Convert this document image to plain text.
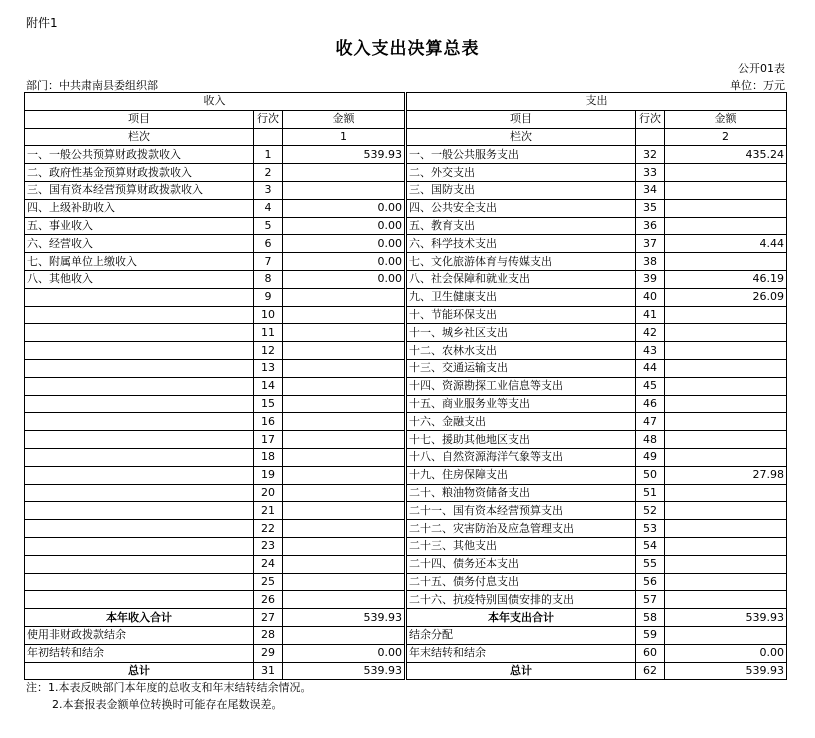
附件1
收入支出决算总表
公开01表
部门：中共肃南县委组织部	单位：万元
收入				支出		
项目	行次	金额		项目	行次	金额
栏次		1		栏次		2
一、一般公共预算财政拨款收入	1	539.93		一、一般公共服务支出	32	435.24
二、政府性基金预算财政拨款收入	2			二、外交支出	33	
三、国有资本经营预算财政拨款收入	3			三、国防支出	34	
四、上级补助收入	4	0.00		四、公共安全支出	35	
五、事业收入	5	0.00		五、教育支出	36	
六、经营收入	6	0.00		六、科学技术支出	37	4.44
七、附属单位上缴收入	7	0.00		七、文化旅游体育与传媒支出	38	
八、其他收入	8	0.00		八、社会保障和就业支出	39	46.19
	9			九、卫生健康支出	40	26.09
	10			十、节能环保支出	41	
	11			十一、城乡社区支出	42	
	12			十二、农林水支出	43	
	13			十三、交通运输支出	44	
	14			十四、资源勘探工业信息等支出	45	
	15			十五、商业服务业等支出	46	
	16			十六、金融支出	47	
	17			十七、援助其他地区支出	48	
	18			十八、自然资源海洋气象等支出	49	
	19			十九、住房保障支出	50	27.98
	20			二十、粮油物资储备支出	51	
	21			二十一、国有资本经营预算支出	52	
	22			二十二、灾害防治及应急管理支出	53	
	23			二十三、其他支出	54	
	24			二十四、债务还本支出	55	
	25			二十五、债务付息支出	56	
	26			二十六、抗疫特别国债安排的支出	57	
本年收入合计	27	539.93		本年支出合计	58	539.93
使用非财政拨款结余	28			结余分配	59	
年初结转和结余	29	0.00		年末结转和结余	60	0.00
总计	31	539.93		总计	62	539.93
注：1.本表反映部门本年度的总收支和年末结转结余情况。
2.本套报表金额单位转换时可能存在尾数误差。
